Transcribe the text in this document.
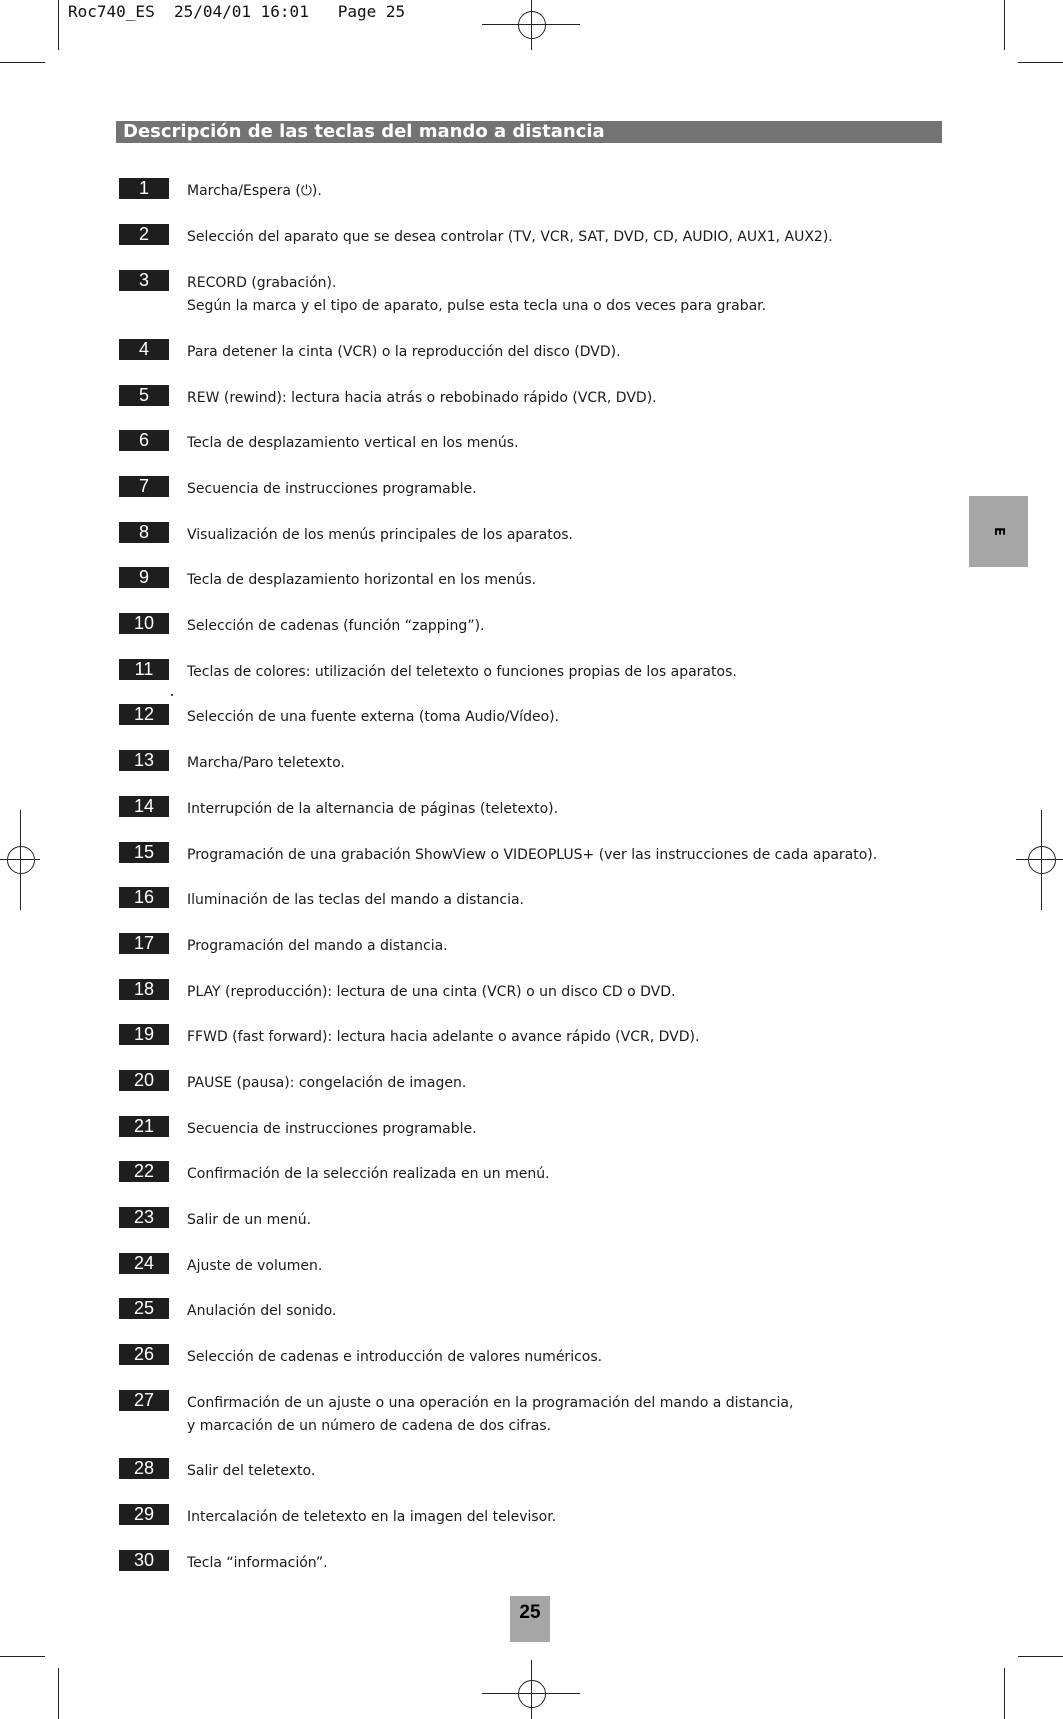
Roc740_ES  25/04/01 16:01   Page 25
Descripción de las teclas del mando a distancia
E
1	Marcha/Espera (⏻).
2	Selección del aparato que se desea controlar (TV, VCR, SAT, DVD, CD, AUDIO, AUX1, AUX2).
3	RECORD (grabación).
Según la marca y el tipo de aparato, pulse esta tecla una o dos veces para grabar.
4	Para detener la cinta (VCR) o la reproducción del disco (DVD).
5	REW (rewind): lectura hacia atrás o rebobinado rápido (VCR, DVD).
6	Tecla de desplazamiento vertical en los menús.
7	Secuencia de instrucciones programable.
8	Visualización de los menús principales de los aparatos.
9	Tecla de desplazamiento horizontal en los menús.
10	Selección de cadenas (función “zapping”).
11	Teclas de colores: utilización del teletexto o funciones propias de los aparatos.
12	Selección de una fuente externa (toma Audio/Vídeo).
13	Marcha/Paro teletexto.
14	Interrupción de la alternancia de páginas (teletexto).
15	Programación de una grabación ShowView o VIDEOPLUS+ (ver las instrucciones de cada aparato).
16	Iluminación de las teclas del mando a distancia.
17	Programación del mando a distancia.
18	PLAY (reproducción): lectura de una cinta (VCR) o un disco CD o DVD.
19	FFWD (fast forward): lectura hacia adelante o avance rápido (VCR, DVD).
20	PAUSE (pausa): congelación de imagen.
21	Secuencia de instrucciones programable.
22	Confirmación de la selección realizada en un menú.
23	Salir de un menú.
24	Ajuste de volumen.
25	Anulación del sonido.
26	Selección de cadenas e introducción de valores numéricos.
27	Confirmación de un ajuste o una operación en la programación del mando a distancia,
y marcación de un número de cadena de dos cifras.
28	Salir del teletexto.
29	Intercalación de teletexto en la imagen del televisor.
30	Tecla “información”.
25
